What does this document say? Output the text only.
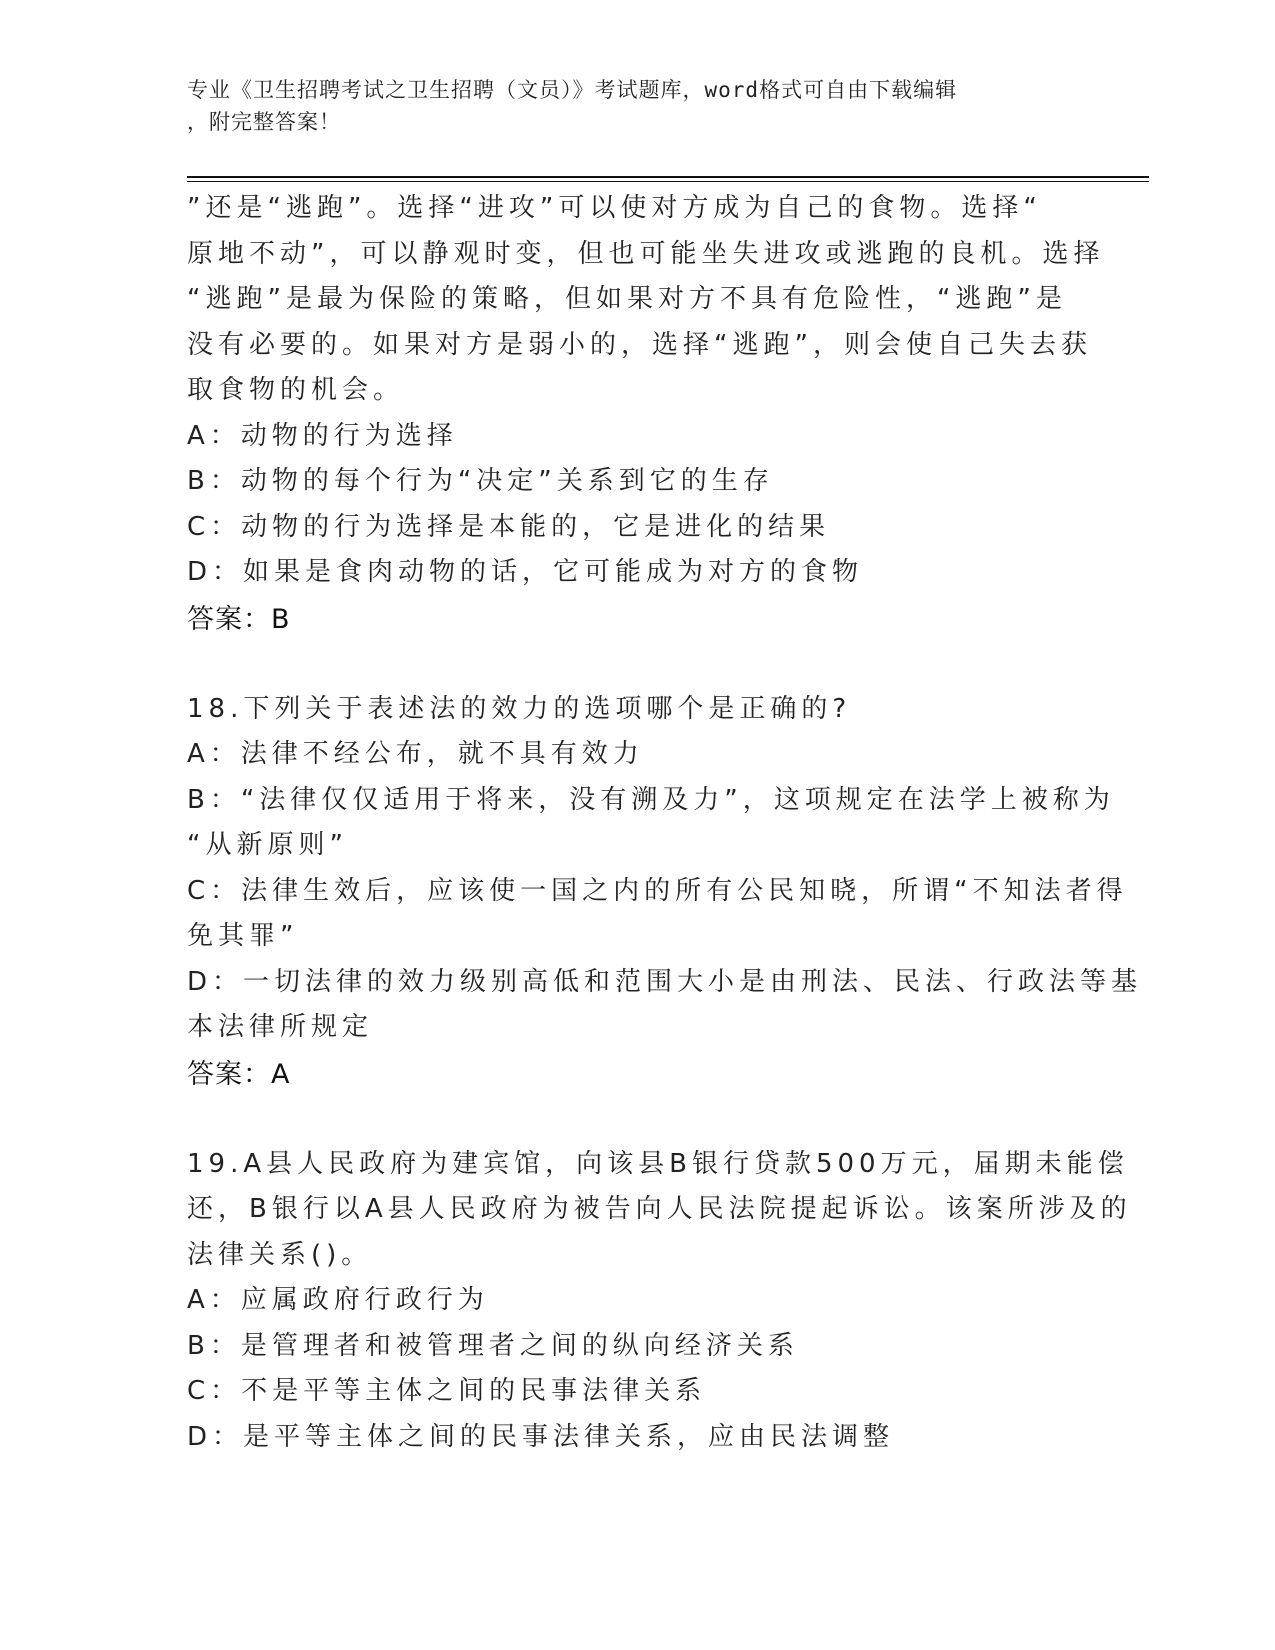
专业《卫生招聘考试之卫生招聘（文员）》考试题库，word格式可自由下载编辑
，附完整答案！

”还是“逃跑”。选择“进攻”可以使对方成为自己的食物。选择“

原地不动”，可以静观时变，但也可能坐失进攻或逃跑的良机。选择

“逃跑”是最为保险的策略，但如果对方不具有危险性，“逃跑”是

没有必要的。如果对方是弱小的，选择“逃跑”，则会使自己失去获

取食物的机会。

A：动物的行为选择

B：动物的每个行为“决定”关系到它的生存

C：动物的行为选择是本能的，它是进化的结果

D：如果是食肉动物的话，它可能成为对方的食物

答案：B

18.下列关于表述法的效力的选项哪个是正确的?

A：法律不经公布，就不具有效力

B：“法律仅仅适用于将来，没有溯及力”，这项规定在法学上被称为

“从新原则”

C：法律生效后，应该使一国之内的所有公民知晓，所谓“不知法者得

免其罪”

D：一切法律的效力级别高低和范围大小是由刑法、民法、行政法等基

本法律所规定

答案：A

19.A县人民政府为建宾馆，向该县B银行贷款500万元，届期未能偿

还，B银行以A县人民政府为被告向人民法院提起诉讼。该案所涉及的

法律关系()。

A：应属政府行政行为

B：是管理者和被管理者之间的纵向经济关系

C：不是平等主体之间的民事法律关系

D：是平等主体之间的民事法律关系，应由民法调整
